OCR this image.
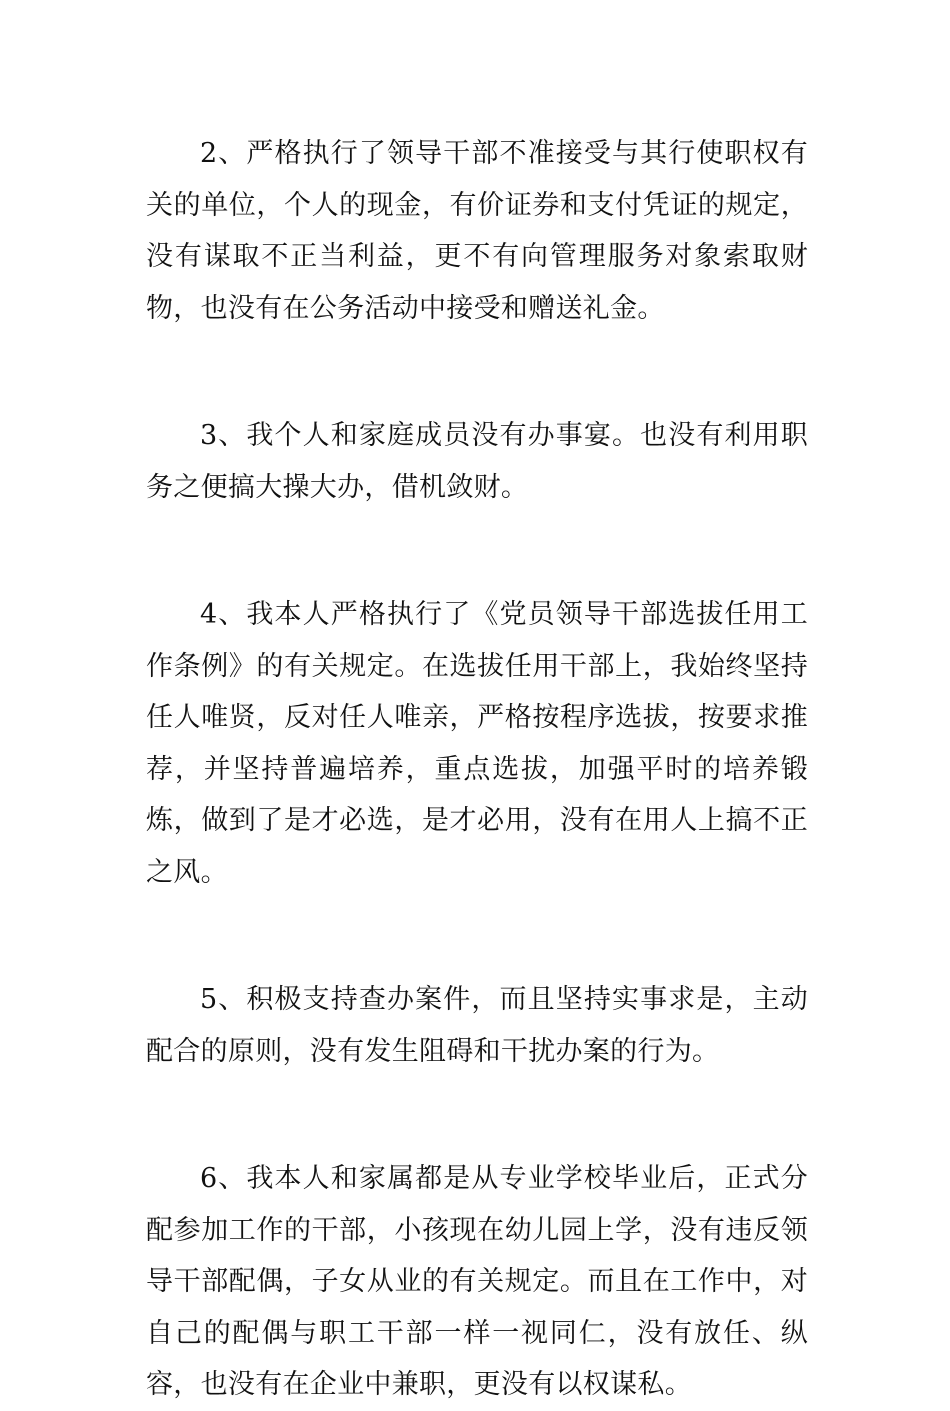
2、严格执行了领导干部不准接受与其行使职权有关的单位，个人的现金，有价证券和支付凭证的规定，没有谋取不正当利益，更不有向管理服务对象索取财物，也没有在公务活动中接受和赠送礼金。

3、我个人和家庭成员没有办事宴。也没有利用职务之便搞大操大办，借机敛财。

4、我本人严格执行了《党员领导干部选拔任用工作条例》的有关规定。在选拔任用干部上，我始终坚持任人唯贤，反对任人唯亲，严格按程序选拔，按要求推荐，并坚持普遍培养，重点选拔，加强平时的培养锻炼，做到了是才必选，是才必用，没有在用人上搞不正之风。

5、积极支持查办案件，而且坚持实事求是，主动配合的原则，没有发生阻碍和干扰办案的行为。

6、我本人和家属都是从专业学校毕业后，正式分配参加工作的干部，小孩现在幼儿园上学，没有违反领导干部配偶，子女从业的有关规定。而且在工作中，对自己的配偶与职工干部一样一视同仁，没有放任、纵容，也没有在企业中兼职，更没有以权谋私。
